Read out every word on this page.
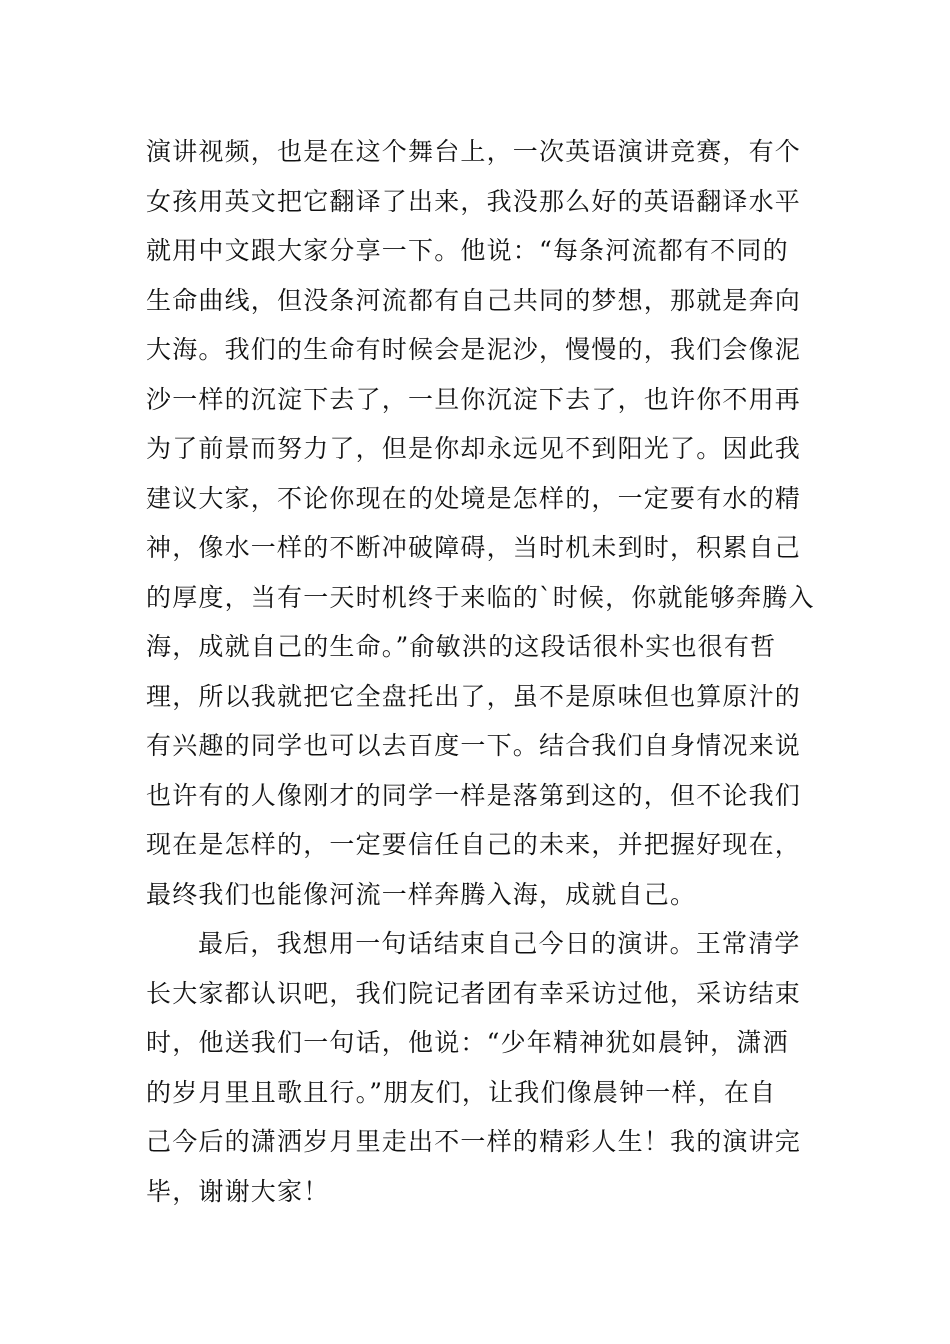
演讲视频，也是在这个舞台上，一次英语演讲竞赛，有个
女孩用英文把它翻译了出来，我没那么好的英语翻译水平
就用中文跟大家分享一下。他说：“每条河流都有不同的
生命曲线，但没条河流都有自己共同的梦想，那就是奔向
大海。我们的生命有时候会是泥沙，慢慢的，我们会像泥
沙一样的沉淀下去了，一旦你沉淀下去了，也许你不用再
为了前景而努力了，但是你却永远见不到阳光了。因此我
建议大家，不论你现在的处境是怎样的，一定要有水的精
神，像水一样的不断冲破障碍，当时机未到时，积累自己
的厚度，当有一天时机终于来临的`时候，你就能够奔腾入
海，成就自己的生命。”俞敏洪的这段话很朴实也很有哲
理，所以我就把它全盘托出了，虽不是原味但也算原汁的
有兴趣的同学也可以去百度一下。结合我们自身情况来说
也许有的人像刚才的同学一样是落第到这的，但不论我们
现在是怎样的，一定要信任自己的未来，并把握好现在，
最终我们也能像河流一样奔腾入海，成就自己。
最后，我想用一句话结束自己今日的演讲。王常清学
长大家都认识吧，我们院记者团有幸采访过他，采访结束
时，他送我们一句话，他说：“少年精神犹如晨钟，潇洒
的岁月里且歌且行。”朋友们，让我们像晨钟一样，在自
己今后的潇洒岁月里走出不一样的精彩人生！我的演讲完
毕，谢谢大家！
